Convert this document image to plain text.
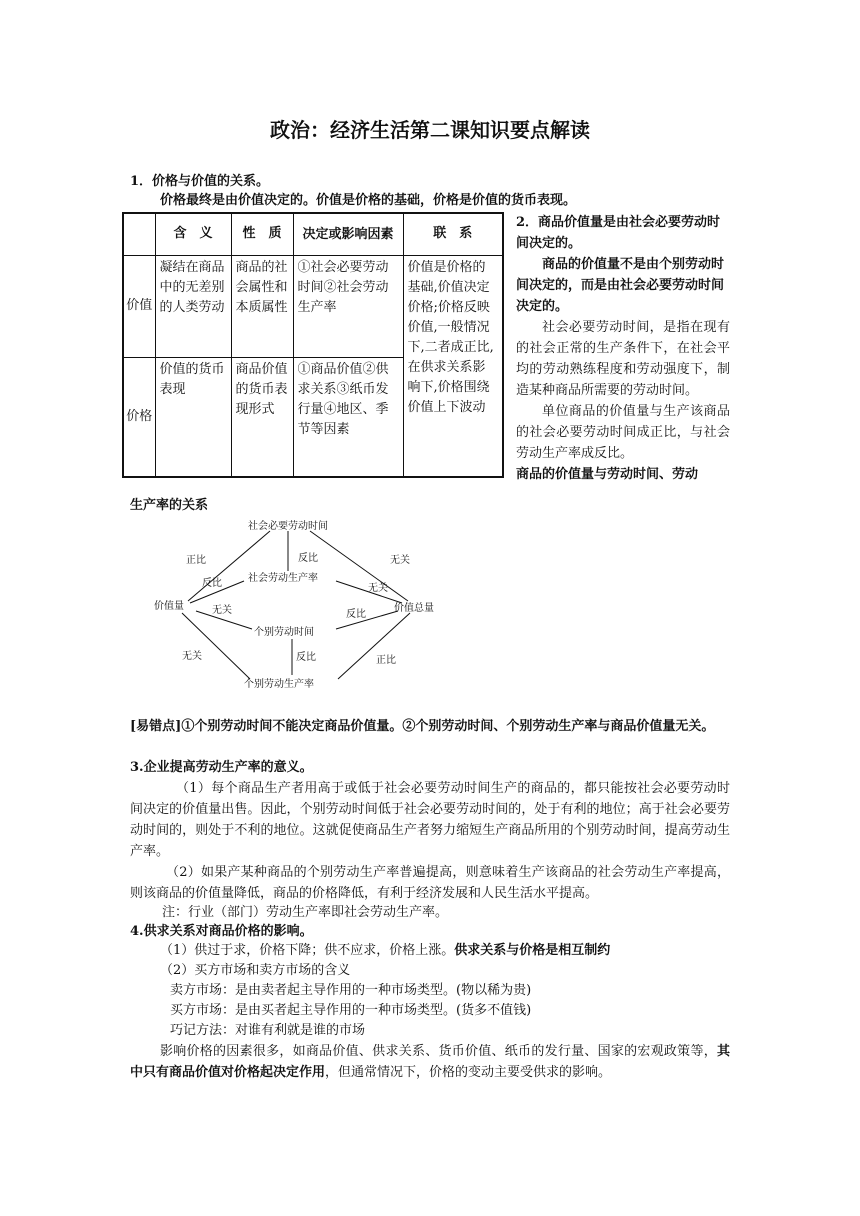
政治：经济生活第二课知识要点解读
1．价格与价值的关系。
价格最终是由价值决定的。价值是价格的基础，价格是价值的货币表现。
	含　义	性　质	决定或影响因素	联　系
价值	凝结在商品中的无差别的人类劳动	商品的社会属性和本质属性	①社会必要劳动时间②社会劳动生产率	价值是价格的基础,价值决定价格;价格反映价值,一般情况下,二者成正比,在供求关系影响下,价格围绕价值上下波动
价格	价值的货币表现	商品价值的货币表现形式	①商品价值②供求关系③纸币发行量④地区、季节等因素	

2．商品价值量是由社会必要劳动时间决定的。

商品的价值量不是由个别劳动时间决定的，而是由社会必要劳动时间决定的。

社会必要劳动时间，是指在现有的社会正常的生产条件下，在社会平均的劳动熟练程度和劳动强度下，制造某种商品所需要的劳动时间。

单位商品的价值量与生产该商品的社会必要劳动时间成正比，与社会劳动生产率成反比。

商品的价值量与劳动时间、劳动

生产率的关系
社会必要劳动时间
社会劳动生产率
价值量	价值总量
个别劳动时间
个别劳动生产率
正比	反比
反比
无关
无关
无关	反比
无关	反比	正比
[易错点]①个别劳动时间不能决定商品价值量。②个别劳动时间、个别劳动生产率与商品价值量无关。
3.企业提高劳动生产率的意义。
（1）每个商品生产者用高于或低于社会必要劳动时间生产的商品的，都只能按社会必要劳动时间决定的价值量出售。因此，个别劳动时间低于社会必要劳动时间的，处于有利的地位；高于社会必要劳动时间的，则处于不利的地位。这就促使商品生产者努力缩短生产商品所用的个别劳动时间，提高劳动生产率。
（2）如果产某种商品的个别劳动生产率普遍提高，则意味着生产该商品的社会劳动生产率提高，则该商品的价值量降低，商品的价格降低，有利于经济发展和人民生活水平提高。
注：行业（部门）劳动生产率即社会劳动生产率。
4.供求关系对商品价格的影响。
（1）供过于求，价格下降；供不应求，价格上涨。供求关系与价格是相互制约
（2）买方市场和卖方市场的含义
卖方市场：是由卖者起主导作用的一种市场类型。(物以稀为贵)
买方市场：是由买者起主导作用的一种市场类型。(货多不值钱)
巧记方法：对谁有利就是谁的市场
影响价格的因素很多，如商品价值、供求关系、货币价值、纸币的发行量、国家的宏观政策等，其中只有商品价值对价格起决定作用，但通常情况下，价格的变动主要受供求的影响。
